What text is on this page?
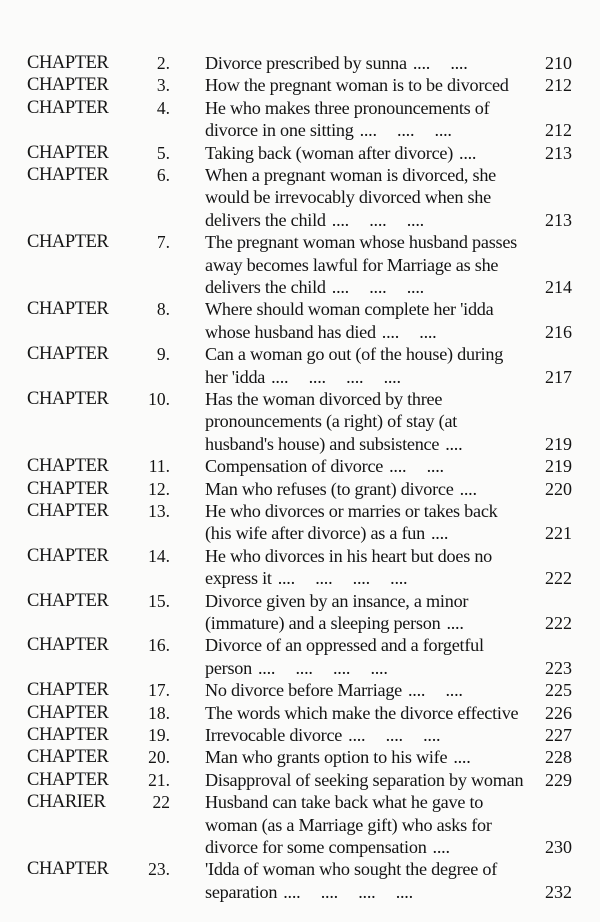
CHAPTER	2. Divorce prescribed by sunna .... ....	210
CHAPTER	3. How the pregnant woman is to be divorced	212
CHAPTER	4. He who makes three pronouncements of
divorce in one sitting .... .... ....	212
CHAPTER	5. Taking back (woman after divorce) ....	213
CHAPTER	6. When a pregnant woman is divorced, she
would be irrevocably divorced when she
delivers the child .... .... ....	213
CHAPTER	7. The pregnant woman whose husband passes
away becomes lawful for Marriage as she
delivers the child .... .... ....	214
CHAPTER	8. Where should woman complete her 'idda
whose husband has died .... ....	216
CHAPTER	9. Can a woman go out (of the house) during
her 'idda .... .... .... ....	217
CHAPTER	10. Has the woman divorced by three
pronouncements (a right) of stay (at
husband's house) and subsistence ....	219
CHAPTER	11. Compensation of divorce .... ....	219
CHAPTER	12. Man who refuses (to grant) divorce ....	220
CHAPTER	13. He who divorces or marries or takes back
(his wife after divorce) as a fun ....	221
CHAPTER	14. He who divorces in his heart but does no
express it .... .... .... ....	222
CHAPTER	15. Divorce given by an insance, a minor
(immature) and a sleeping person ....	222
CHAPTER	16. Divorce of an oppressed and a forgetful
person .... .... .... ....	223
CHAPTER	17. No divorce before Marriage .... ....	225
CHAPTER	18. The words which make the divorce effective	226
CHAPTER	19. Irrevocable divorce .... .... ....	227
CHAPTER	20. Man who grants option to his wife ....	228
CHAPTER	21. Disapproval of seeking separation by woman	229
CHARIER	22 Husband can take back what he gave to
woman (as a Marriage gift) who asks for
divorce for some compensation ....	230
CHAPTER	23. 'Idda of woman who sought the degree of
separation .... .... .... ....	232
